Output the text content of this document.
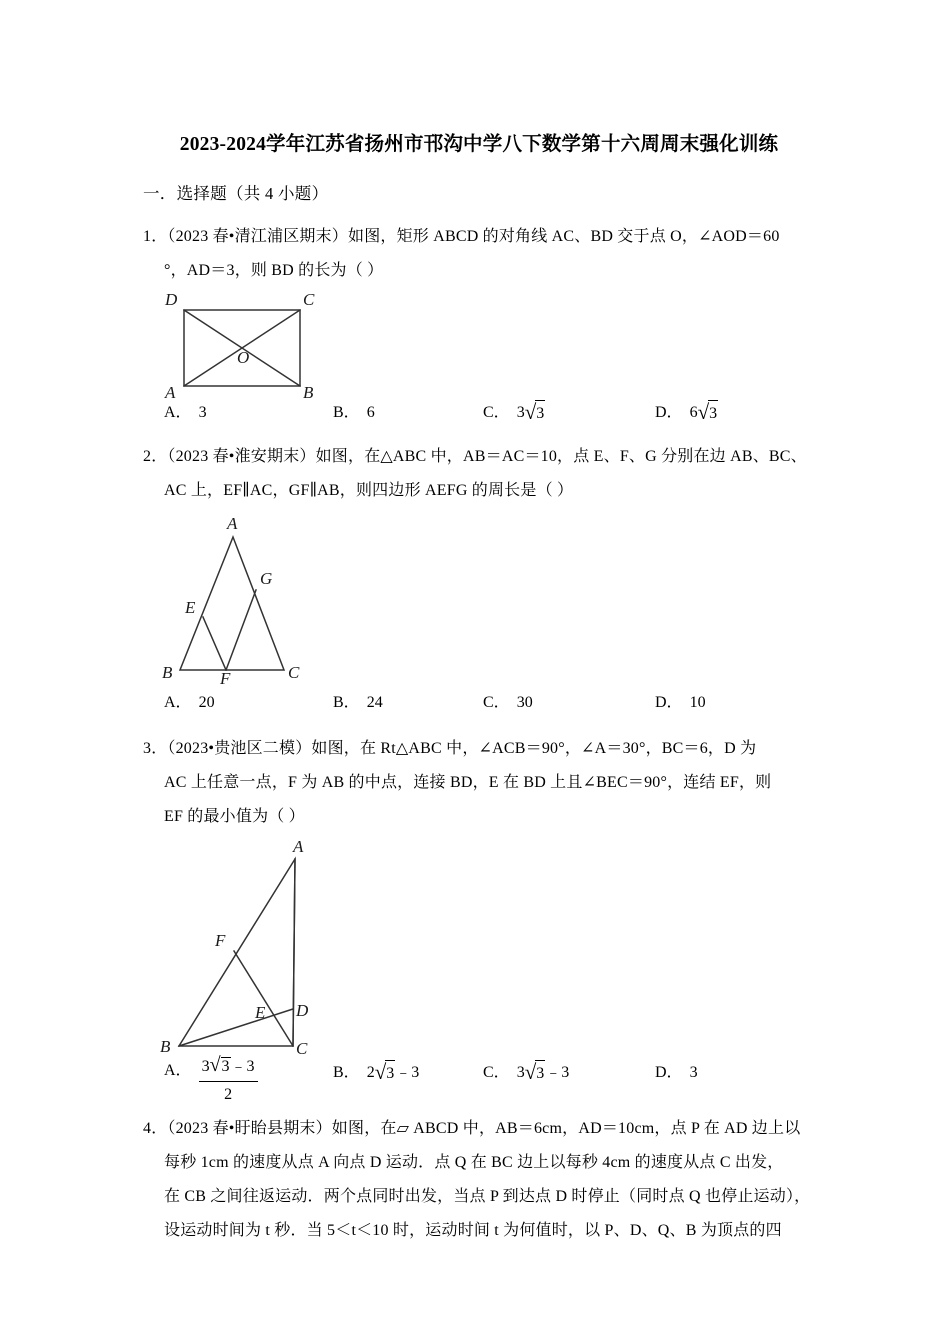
2023-2024学年江苏省扬州市邗沟中学八下数学第十六周周末强化训练
一．选择题（共 4 小题）
1．（2023 春•清江浦区期末）如图，矩形 ABCD 的对角线 AC、BD 交于点 O，∠AOD＝60
°，AD＝3，则 BD 的长为（ ）
D	C
A	B
O
A． 3	B． 6	C． 3 √ 3	D． 6 √ 3
2．（2023 春•淮安期末）如图，在△ABC 中，AB＝AC＝10，点 E、F、G 分别在边 AB、BC、
AC 上，EF∥AC，GF∥AB，则四边形 AEFG 的周长是（ ）
A
G
E
B	F	C
A． 20	B． 24	C． 30	D． 10
3．（2023•贵池区二模）如图，在 Rt△ABC 中，∠ACB＝90°，∠A＝30°，BC＝6，D 为
AC 上任意一点，F 为 AB 的中点，连接 BD，E 在 BD 上且∠BEC＝90°，连结 EF，则
EF 的最小值为（ ）
A
F
E D
B	C
A． $\frac{3√3﹣3}{2}$	B． 2 √ 3 ﹣3	C． 3 √ 3 ﹣3	D． 3
4．（2023 春•盱眙县期末）如图，在▱ ABCD 中，AB＝6cm，AD＝10cm，点 P 在 AD 边上以
每秒 1cm 的速度从点 A 向点 D 运动．点 Q 在 BC 边上以每秒 4cm 的速度从点 C 出发，
在 CB 之间往返运动．两个点同时出发，当点 P 到达点 D 时停止（同时点 Q 也停止运动），
设运动时间为 t 秒．当 5＜t＜10 时，运动时间 t 为何值时，以 P、D、Q、B 为顶点的四
